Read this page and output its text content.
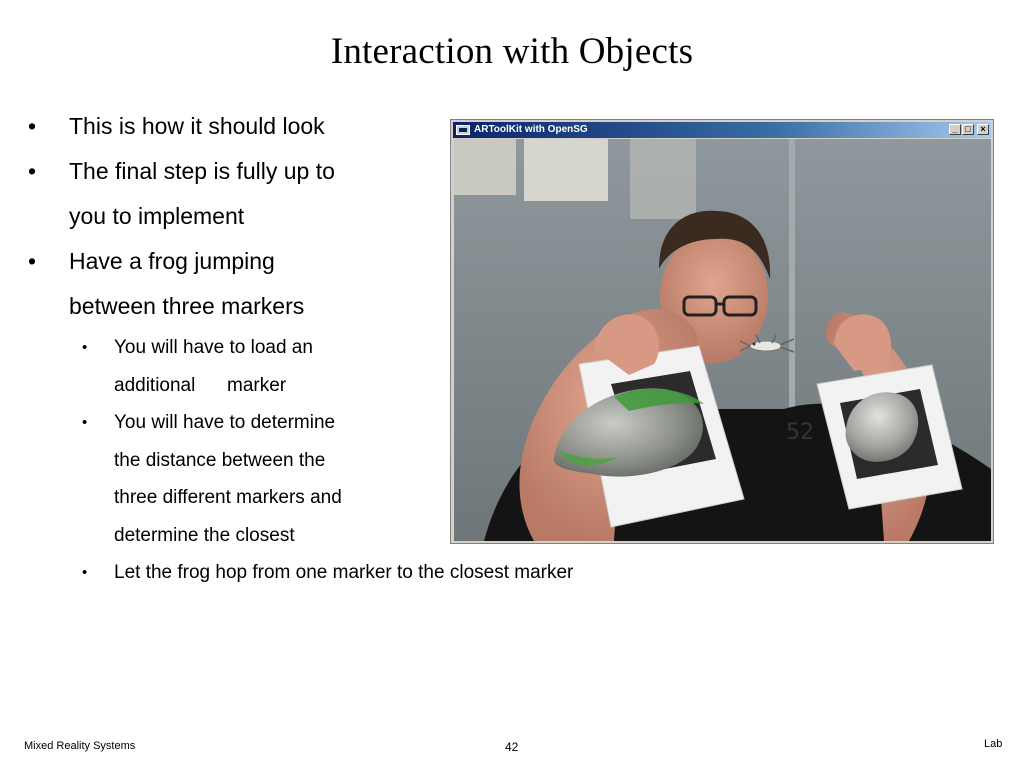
Interaction with Objects
• This is how it should look
• The final step is fully up to
you to implement
• Have a frog jumping
between three markers
• You will have to load an
additional      marker
• You will have to determine
the distance between the
three different markers and
determine the closest
• Let the frog hop from one marker to the closest marker
ARToolKit with OpenSG	_ □	×
52
Mixed Reality Systems	42	Lab
